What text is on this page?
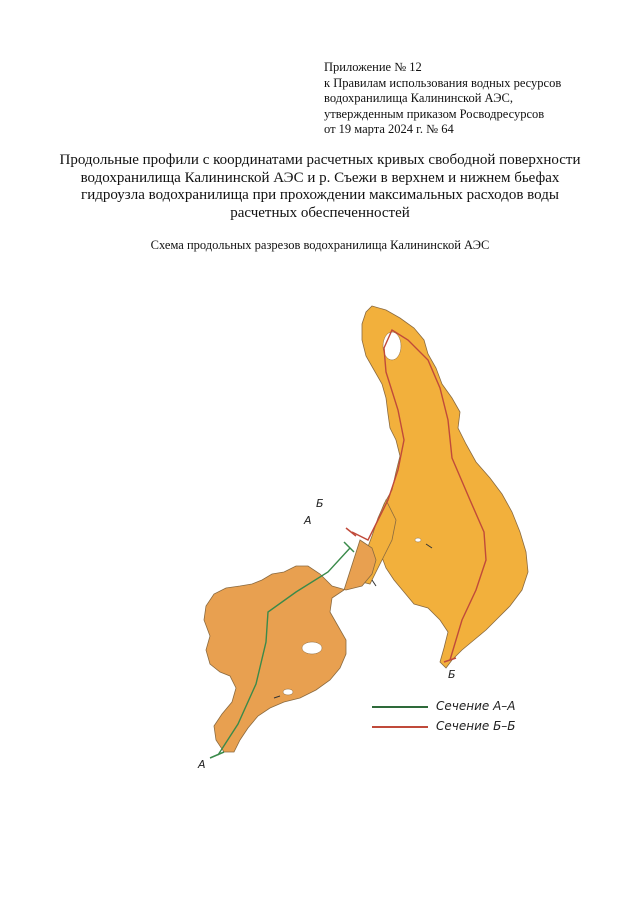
Приложение № 12
к Правилам использования водных ресурсов
водохранилища Калининской АЭС,
утвержденным приказом Росводресурсов
от 19 марта 2024 г. № 64
Продольные профили с координатами расчетных кривых свободной поверхности
водохранилища Калининской АЭС и р. Съежи в верхнем и нижнем бьефах
гидроузла водохранилища при прохождении максимальных расходов воды
расчетных обеспеченностей
Схема продольных разрезов водохранилища Калининской АЭС
Б
А
А
Б
Сечение А–А
Сечение Б–Б
